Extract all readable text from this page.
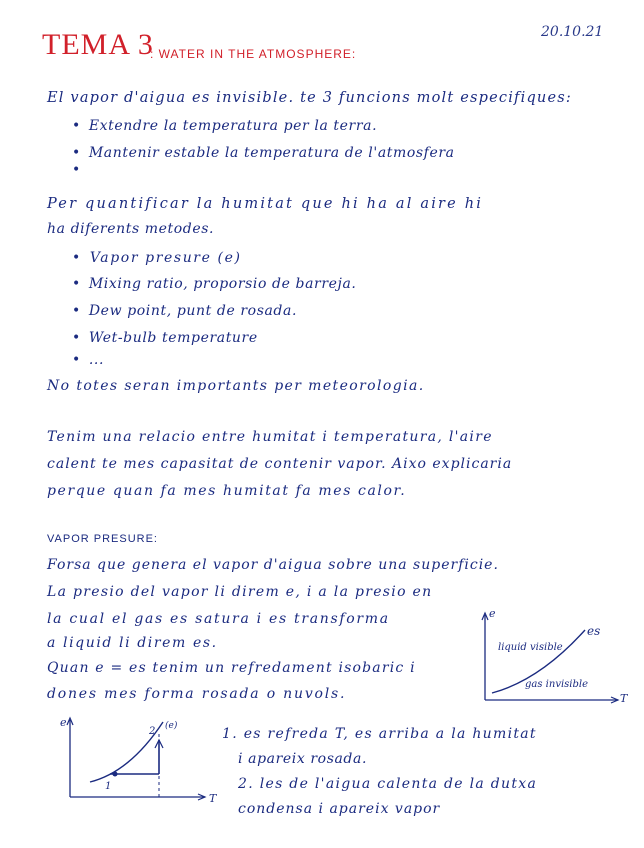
TEMA 3
: WATER IN THE ATMOSPHERE:
20.10.21
El vapor d'aigua es invisible. te 3 funcions molt especifiques:
• Extendre la temperatura per la terra.
• Mantenir estable la temperatura de l'atmosfera
•
Per quantificar la humitat que hi ha al aire hi
ha diferents metodes.
• Vapor presure (e)
• Mixing ratio, proporsio de barreja.
• Dew point, punt de rosada.
• Wet-bulb temperature
• ...
No totes seran importants per meteorologia.
Tenim una relacio entre humitat i temperatura, l'aire
calent te mes capasitat de contenir vapor. Aixo explicaria
perque quan fa mes humitat fa mes calor.
VAPOR PRESURE:
Forsa que genera el vapor d'aigua sobre una superficie.
La presio del vapor li direm e, i a la presio en
la cual el gas es satura i es transforma
a liquid li direm es.
Quan e = es tenim un refredament isobaric i
dones mes forma rosada o nuvols.
e
T
es
liquid visible
gas invisible
e
T
1
2 (e)	1. es refreda T, es arriba a la humitat
i apareix rosada.
2. les de l'aigua calenta de la dutxa
condensa i apareix vapor
